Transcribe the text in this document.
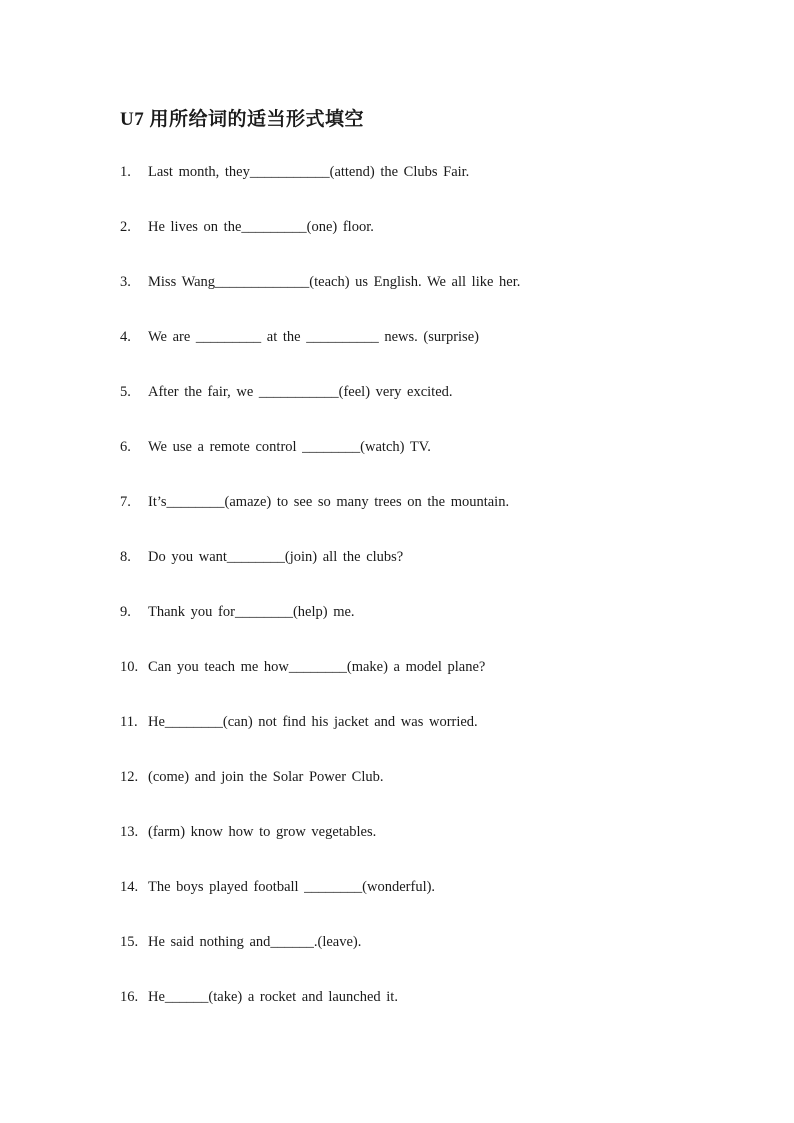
U7 用所给词的适当形式填空
1. Last month, they___________(attend) the Clubs Fair.
2. He lives on the_________(one) floor.
3. Miss Wang_____________(teach) us English. We all like her.
4. We are _________ at the __________ news. (surprise)
5. After the fair, we ___________(feel) very excited.
6. We use a remote control ________(watch) TV.
7. It’s________(amaze) to see so many trees on the mountain.
8. Do you want________(join) all the clubs?
9. Thank you for________(help) me.
10. Can you teach me how________(make) a model plane?
11. He________(can) not find his jacket and was worried.
12. (come) and join the Solar Power Club.
13. (farm) know how to grow vegetables.
14. The boys played football ________(wonderful).
15. He said nothing and______.(leave).
16. He______(take) a rocket and launched it.
